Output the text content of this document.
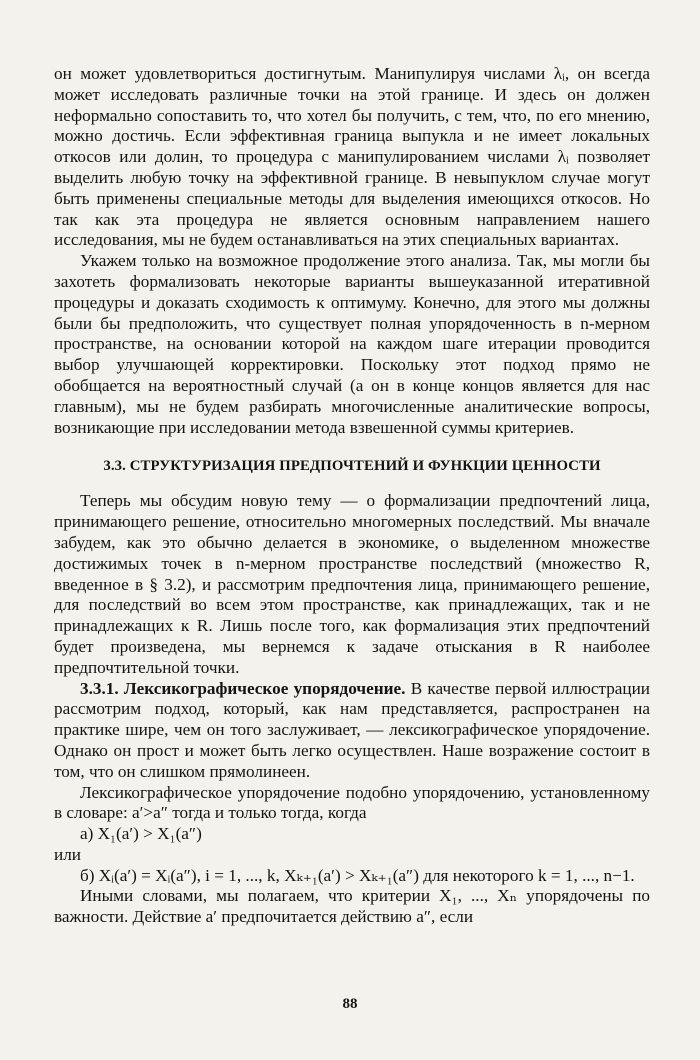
он может удовлетвориться достигнутым. Манипулируя числами λᵢ, он всегда может исследовать различные точки на этой границе. И здесь он должен неформально сопоставить то, что хотел бы получить, с тем, что, по его мнению, можно достичь. Если эффективная граница выпукла и не имеет локальных откосов или долин, то процедура с манипулированием числами λᵢ позволяет выделить любую точку на эффективной границе. В невыпуклом случае могут быть применены специальные методы для выделения имеющихся откосов. Но так как эта процедура не является основным направлением нашего исследования, мы не будем останавливаться на этих специальных вариантах.

Укажем только на возможное продолжение этого анализа. Так, мы могли бы захотеть формализовать некоторые варианты вышеуказанной итеративной процедуры и доказать сходимость к оптимуму. Конечно, для этого мы должны были бы предположить, что существует полная упорядоченность в n-мерном пространстве, на основании которой на каждом шаге итерации проводится выбор улучшающей корректировки. Поскольку этот подход прямо не обобщается на вероятностный случай (а он в конце концов является для нас главным), мы не будем разбирать многочисленные аналитические вопросы, возникающие при исследовании метода взвешенной суммы критериев.

3.3. СТРУКТУРИЗАЦИЯ ПРЕДПОЧТЕНИЙ И ФУНКЦИИ ЦЕННОСТИ

Теперь мы обсудим новую тему — о формализации предпочтений лица, принимающего решение, относительно многомерных последствий. Мы вначале забудем, как это обычно делается в экономике, о выделенном множестве достижимых точек в n-мерном пространстве последствий (множество R, введенное в § 3.2), и рассмотрим предпочтения лица, принимающего решение, для последствий во всем этом пространстве, как принадлежащих, так и не принадлежащих к R. Лишь после того, как формализация этих предпочтений будет произведена, мы вернемся к задаче отыскания в R наиболее предпочтительной точки.

3.3.1. Лексикографическое упорядочение. В качестве первой иллюстрации рассмотрим подход, который, как нам представляется, распространен на практике шире, чем он того заслуживает, — лексикографическое упорядочение. Однако он прост и может быть легко осуществлен. Наше возражение состоит в том, что он слишком прямолинеен.

Лексикографическое упорядочение подобно упорядочению, установленному в словаре: a′>a″ тогда и только тогда, когда

а) X₁(a′) > X₁(a″)
или

б) Xᵢ(a′) = Xᵢ(a″), i = 1, ..., k, Xₖ₊₁(a′) > Xₖ₊₁(a″) для некоторого k = 1, ..., n−1.

Иными словами, мы полагаем, что критерии X₁, ..., Xₙ упорядочены по важности. Действие a′ предпочитается действию a″, если

88
